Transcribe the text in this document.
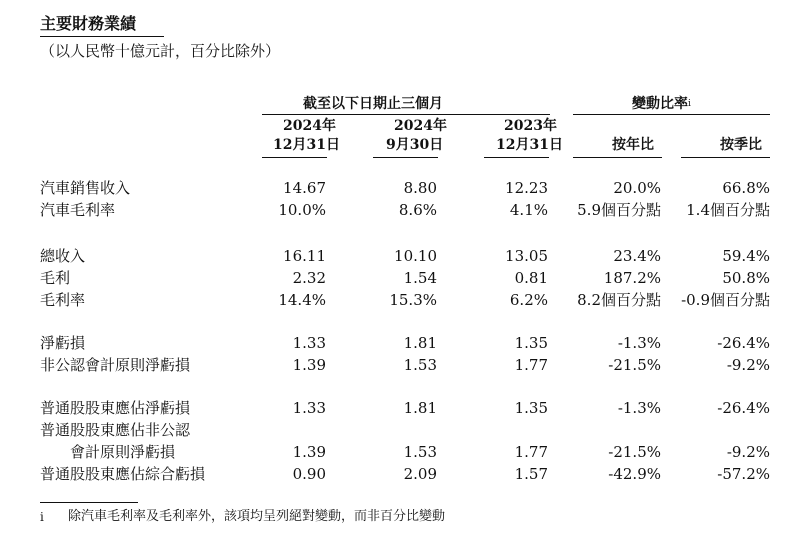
主要財務業績
（以人民幣十億元計，百分比除外）
截至以下日期止三個月	變動比率$^i$
2024年
12月31日
2024年
9月30日
2023年
12月31日	按年比	按季比
汽車銷售收入	14.67	8.80	12.23	20.0%	66.8%
汽車毛利率	10.0%	8.6%	4.1% 5.9個百分點 1.4個百分點
總收入	16.11	10.10	13.05	23.4%	59.4%
毛利	2.32	1.54	0.81	187.2%	50.8%
毛利率	14.4%	15.3%	6.2% 8.2個百分點 -0.9個百分點
淨虧損	1.33	1.81	1.35	-1.3%	-26.4%
非公認會計原則淨虧損	1.39	1.53	1.77	-21.5%	-9.2%
普通股股東應佔淨虧損	1.33	1.81	1.35	-1.3%	-26.4%
普通股股東應佔非公認
會計原則淨虧損	1.39	1.53	1.77	-21.5%	-9.2%
普通股股東應佔綜合虧損	0.90	2.09	1.57	-42.9%	-57.2%
i 除汽車毛利率及毛利率外，該項均呈列絕對變動，而非百分比變動
